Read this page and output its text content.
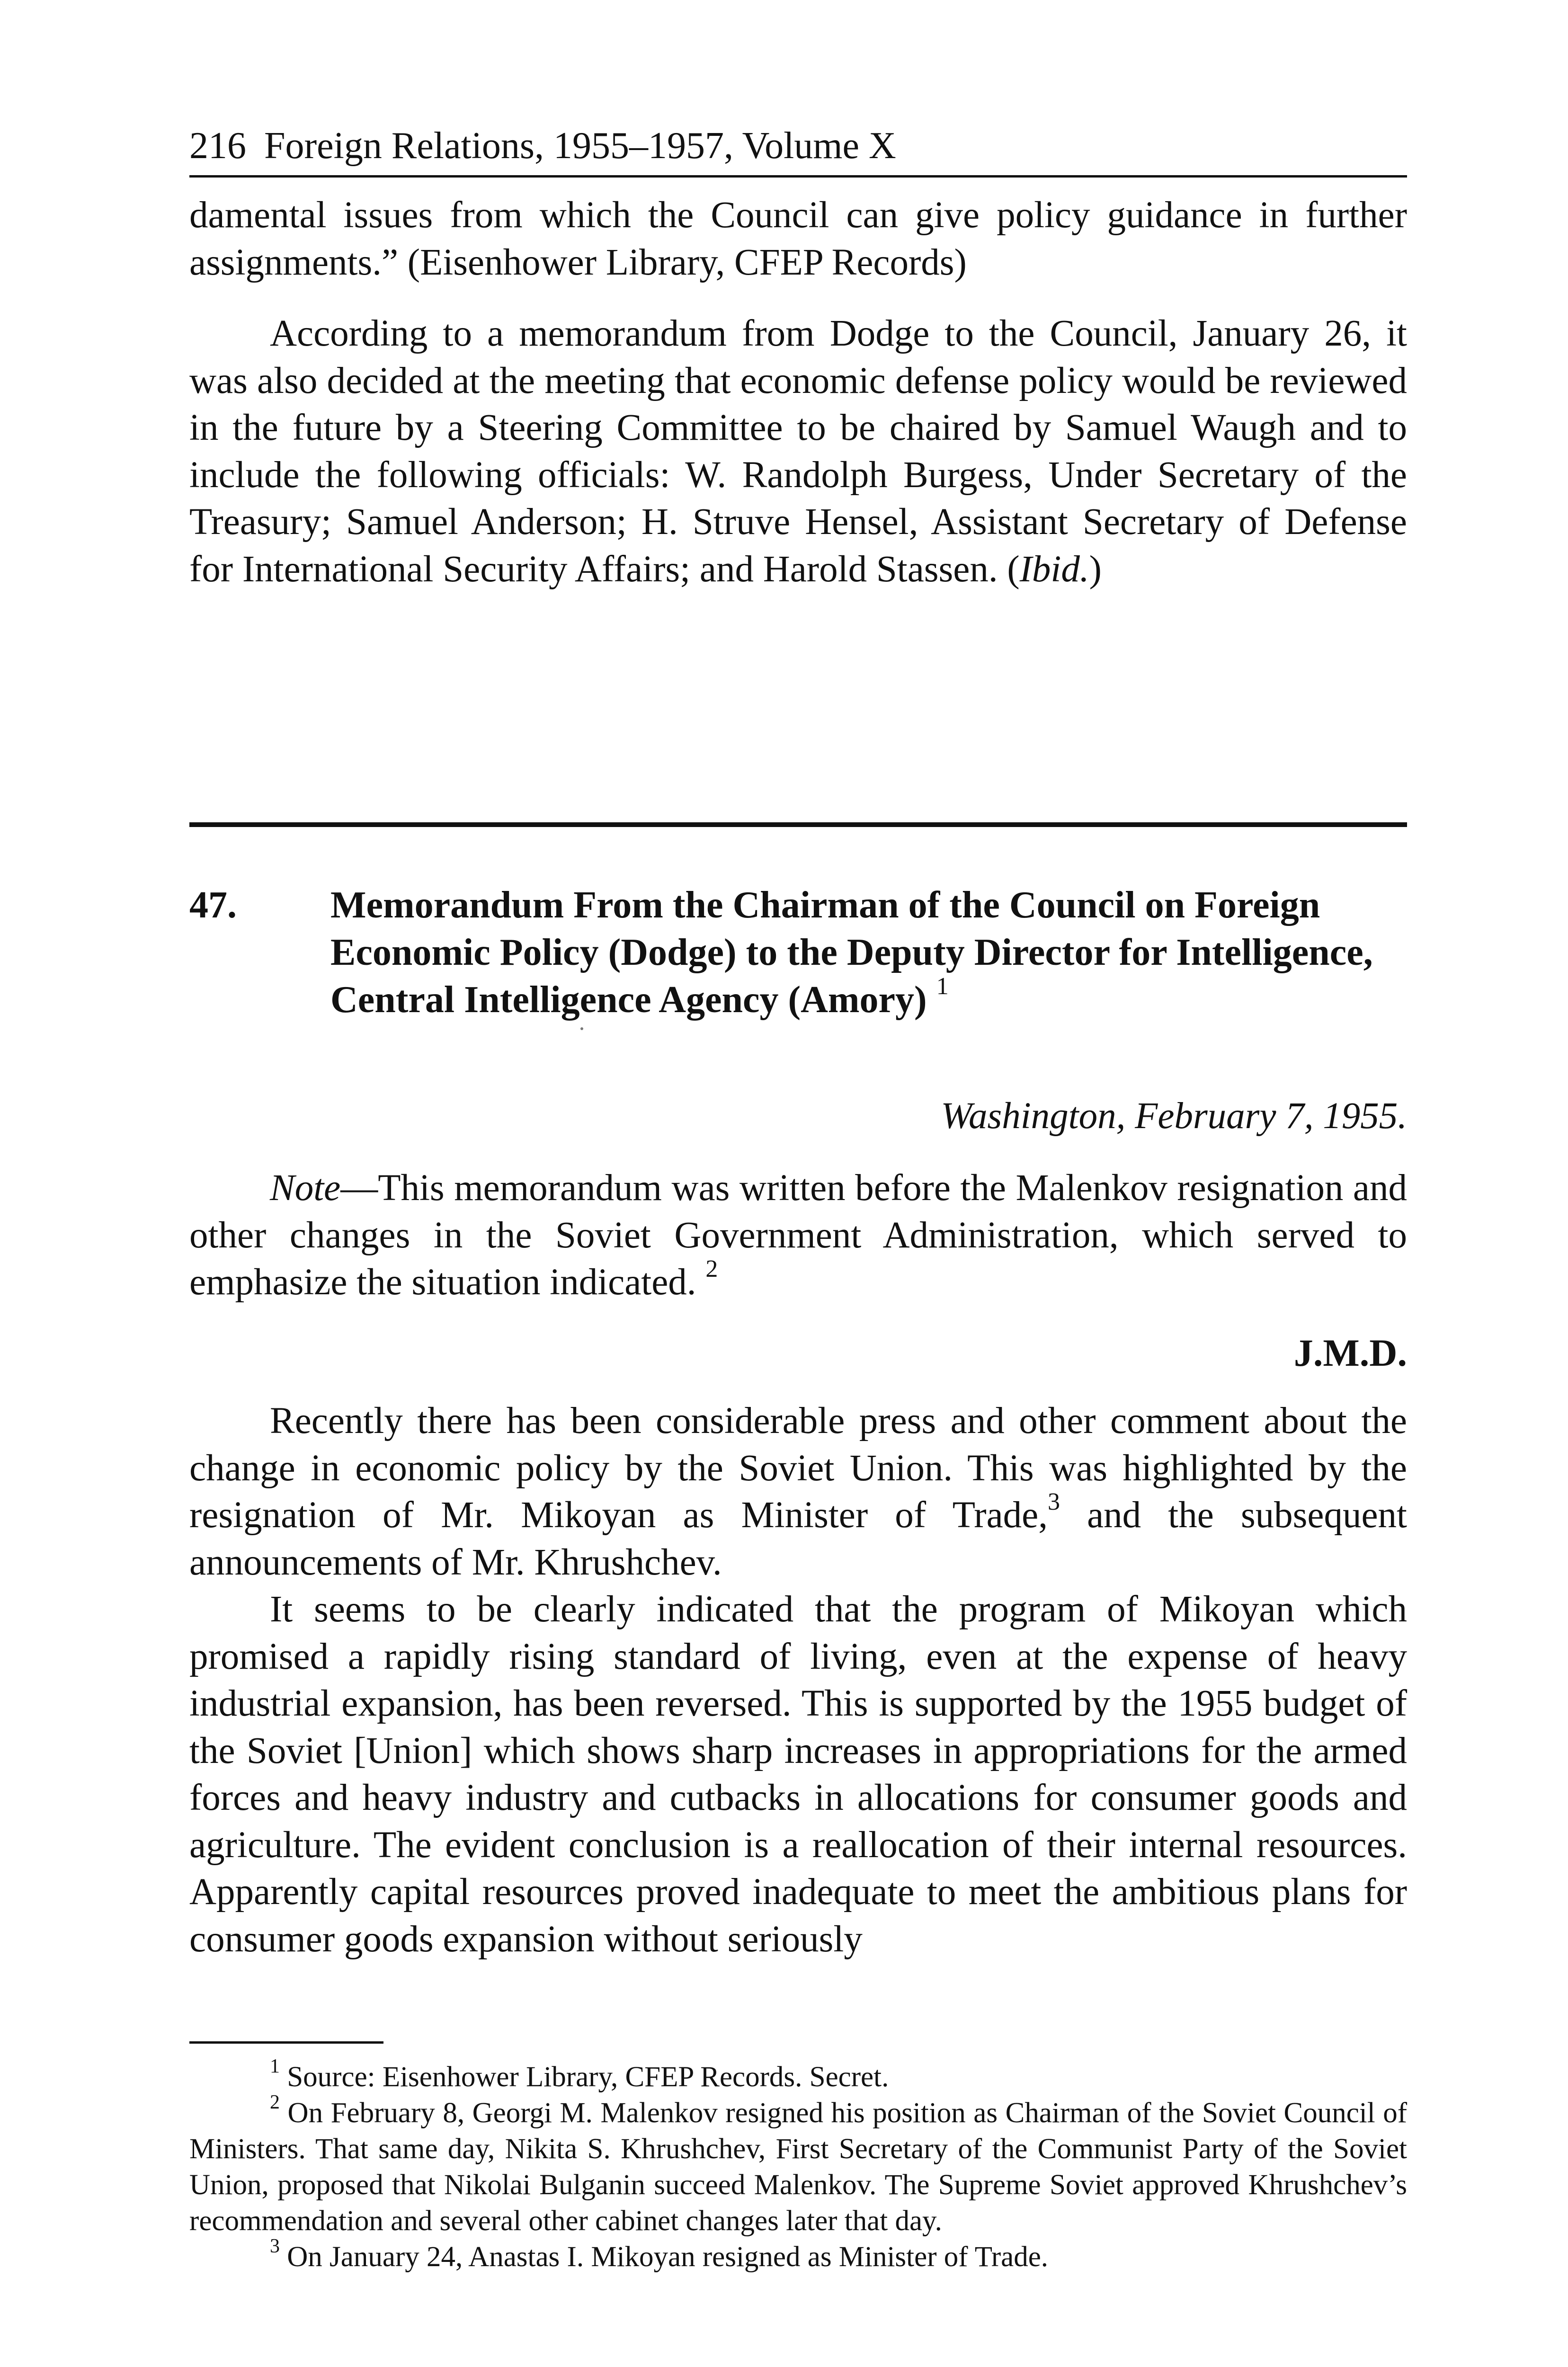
216 Foreign Relations, 1955–1957, Volume X

damental issues from which the Council can give policy guidance in further assignments.” (Eisenhower Library, CFEP Records)

According to a memorandum from Dodge to the Council, January 26, it was also decided at the meeting that economic defense policy would be reviewed in the future by a Steering Committee to be chaired by Samuel Waugh and to include the following officials: W. Randolph Burgess, Under Secretary of the Treasury; Samuel Anderson; H. Struve Hensel, Assistant Secretary of Defense for International Security Affairs; and Harold Stassen. (Ibid.)

47. Memorandum From the Chairman of the Council on Foreign Economic Policy (Dodge) to the Deputy Director for Intelligence, Central Intelligence Agency (Amory) $^1$
Washington, February 7, 1955.

Note—This memorandum was written before the Malenkov resignation and other changes in the Soviet Government Administration, which served to emphasize the situation indicated. $^2$

J.M.D.

Recently there has been considerable press and other comment about the change in economic policy by the Soviet Union. This was highlighted by the resignation of Mr. Mikoyan as Minister of Trade,$^3$ and the subsequent announcements of Mr. Khrushchev.

It seems to be clearly indicated that the program of Mikoyan which promised a rapidly rising standard of living, even at the expense of heavy industrial expansion, has been reversed. This is supported by the 1955 budget of the Soviet [Union] which shows sharp increases in appropriations for the armed forces and heavy industry and cutbacks in allocations for consumer goods and agriculture. The evident conclusion is a reallocation of their internal resources. Apparently capital resources proved inadequate to meet the ambitious plans for consumer goods expansion without seriously

$^1$ Source: Eisenhower Library, CFEP Records. Secret.

$^2$ On February 8, Georgi M. Malenkov resigned his position as Chairman of the Soviet Council of Ministers. That same day, Nikita S. Khrushchev, First Secretary of the Communist Party of the Soviet Union, proposed that Nikolai Bulganin succeed Malenkov. The Supreme Soviet approved Khrushchev’s recommendation and several other cabinet changes later that day.

$^3$ On January 24, Anastas I. Mikoyan resigned as Minister of Trade.
